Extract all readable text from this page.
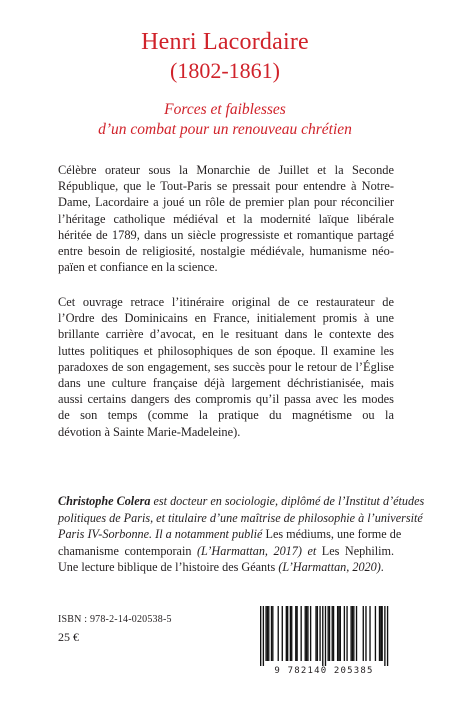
Henri Lacordaire
(1802-1861)
Forces et faiblesses
d’un combat pour un renouveau chrétien
Célèbre orateur sous la Monarchie de Juillet et la Seconde
République, que le Tout-Paris se pressait pour entendre à Notre-
Dame, Lacordaire a joué un rôle de premier plan pour réconcilier
l’héritage catholique médiéval et la modernité laïque libérale
héritée de 1789, dans un siècle progressiste et romantique partagé
entre besoin de religiosité, nostalgie médiévale, humanisme néo-
païen et confiance en la science.
Cet ouvrage retrace l’itinéraire original de ce restaurateur de
l’Ordre des Dominicains en France, initialement promis à une
brillante carrière d’avocat, en le resituant dans le contexte des
luttes politiques et philosophiques de son époque. Il examine les
paradoxes de son engagement, ses succès pour le retour de l’Église
dans une culture française déjà largement déchristianisée, mais
aussi certains dangers des compromis qu’il passa avec les modes
de son temps (comme la pratique du magnétisme ou la
dévotion à Sainte Marie-Madeleine).
Christophe Colera est docteur en sociologie, diplômé de l’Institut d’études
politiques de Paris, et titulaire d’une maîtrise de philosophie à l’université
Paris IV-Sorbonne. Il a notamment publié Les médiums, une forme de
chamanisme contemporain (L’Harmattan, 2017) et Les Nephilim.
Une lecture biblique de l’histoire des Géants (L’Harmattan, 2020).
ISBN : 978-2-14-020538-5
25 €
9 782140 205385
